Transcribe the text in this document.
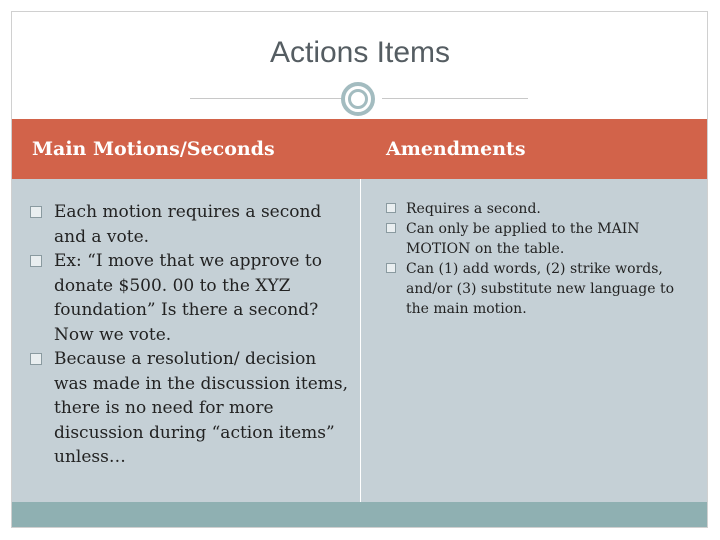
Actions Items
Main Motions/Seconds	Amendments
Each motion requires a second and a vote.
Ex: “I move that we approve to donate $500. 00 to the XYZ foundation” Is there a second? Now we vote.
Because a resolution/ decision was made in the discussion items, there is no need for more discussion during “action items” unless…
Requires a second.
Can only be applied to the MAIN MOTION on the table.
Can (1) add words, (2) strike words, and/or (3) substitute new language to the main motion.
